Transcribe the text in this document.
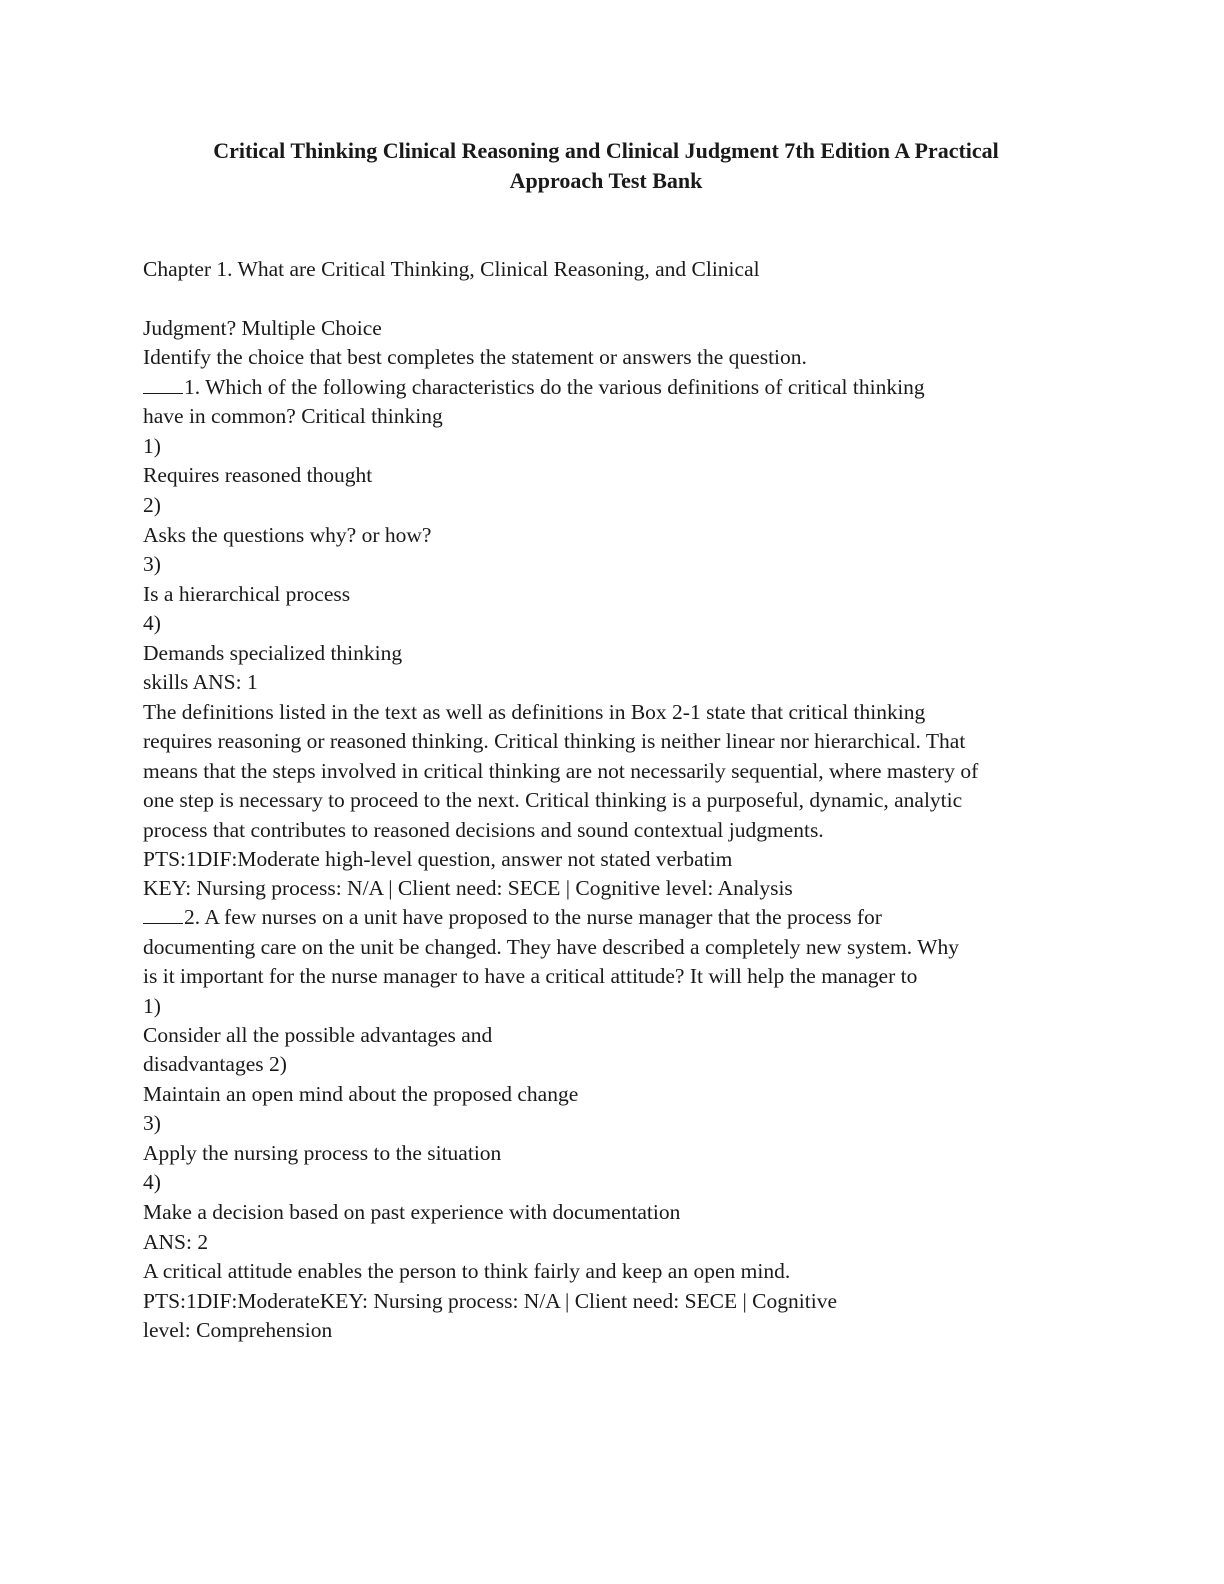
Critical Thinking Clinical Reasoning and Clinical Judgment 7th Edition A Practical
Approach Test Bank
Chapter 1. What are Critical Thinking, Clinical Reasoning, and Clinical
Judgment? Multiple Choice
Identify the choice that best completes the statement or answers the question.
1. Which of the following characteristics do the various definitions of critical thinking
have in common? Critical thinking
1)
Requires reasoned thought
2)
Asks the questions why? or how?
3)
Is a hierarchical process
4)
Demands specialized thinking
skills ANS: 1
The definitions listed in the text as well as definitions in Box 2-1 state that critical thinking
requires reasoning or reasoned thinking. Critical thinking is neither linear nor hierarchical. That
means that the steps involved in critical thinking are not necessarily sequential, where mastery of
one step is necessary to proceed to the next. Critical thinking is a purposeful, dynamic, analytic
process that contributes to reasoned decisions and sound contextual judgments.
PTS:1DIF:Moderate high-level question, answer not stated verbatim
KEY: Nursing process: N/A | Client need: SECE | Cognitive level: Analysis
2. A few nurses on a unit have proposed to the nurse manager that the process for
documenting care on the unit be changed. They have described a completely new system. Why
is it important for the nurse manager to have a critical attitude? It will help the manager to
1)
Consider all the possible advantages and
disadvantages 2)
Maintain an open mind about the proposed change
3)
Apply the nursing process to the situation
4)
Make a decision based on past experience with documentation
ANS: 2
A critical attitude enables the person to think fairly and keep an open mind.
PTS:1DIF:ModerateKEY: Nursing process: N/A | Client need: SECE | Cognitive
level: Comprehension
